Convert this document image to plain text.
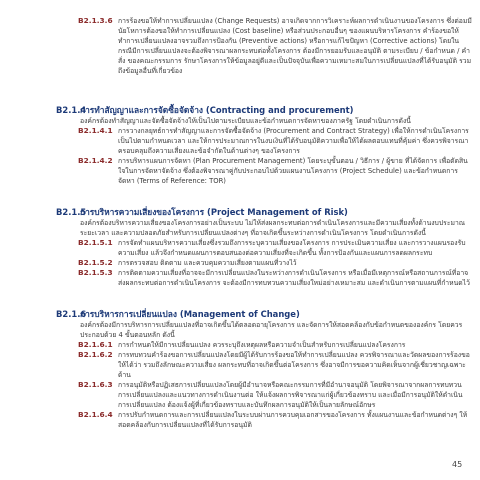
B2.1.3.6 การร้องขอให้ทำการเปลี่ยนแปลง (Change Requests) อาจเกิดจากการวิเคราะห์ผลการดำเนินงานของโครงการ ซึ่งต่อมมีนัยโหการต้องขอให้ทำการเปลี่ยนแปลง (Cost baseline) หรือส่วนประกอบอื่นๆ ของแผนบริหารโครงการ คำร้องขอให้ทำการเปลี่ยนแปลงอาจรวมถึงการป้องกัน (Preventive actions) หรือการแก้ไขปัญหา (Corrective actions) โดยในกรณีมีการเปลี่ยนแปลงจะต้องพิจารณาผลกระทบต่อทั้งโครงการ ต้องมีการยอมรับและอนุมัติ ตามระเบียบ / ข้อกำหนด / คำสั่ง ของคณะกรรมการ รักษาโครงการให้ข้อมูลอยู่ดีและเป็นปัจจุบันเพื่อความเหมาะสมในการเปลี่ยนแปลงที่ได้รับอนุมัติ รวมถึงข้อมูลอื่นที่เกี่ยวข้อง
B2.1.4
การทำสัญญาและการจัดซื้อจัดจ้าง (Contracting and procurement)
องค์กรต้องทำสัญญาและจัดซื้อจัดจ้างให้เป็นไปตามระเบียบและข้อกำหนดการจัดหาของภาครัฐ โดยดำเนินการดังนี้
B2.1.4.1 การวางกลยุทธ์การทำสัญญาและการจัดซื้อจัดจ้าง (Procurement and Contract Strategy) เพื่อให้การดำเนินโครงการเป็นไปตามกำหนดเวลา และให้การประมาณการในงบเงินที่ได้รับอนุมัติความเพื่อให้ได้ผลตอบแทนที่คุ้มค่า ซึ่งควรพิจารณาครอบคลุมถึงความเสี่ยงและข้อจำกัดในด้านต่างๆ ของโครงการ
B2.1.4.2 การบริหารแผนการจัดหา (Plan Procurement Management) โดยระบุขั้นตอน / วิธีการ / ผู้ขาย ที่ได้จัดการ เพื่อตัดสินใจในการจัดหาจัดจ้าง ซึ่งต้องพิจารณาคู่กับประกอบไปด้วยแผนงานโครงการ (Project Schedule) และข้อกำหนดการจัดหา (Terms of Reference: TOR)
B2.1.5
การบริหารความเสี่ยงของโครงการ (Project Management of Risk)
องค์กรต้องบริหารความเสี่ยงของโครงการอย่างเป็นระบบ ไม่ให้ส่งผลกระทบต่อการดำเนินโครงการและมีความเสี่ยงทั้งด้านงบประมาณ ระยะเวลา และความปลอดภัยสำหรับการเปลี่ยนแปลงต่างๆ ที่อาจเกิดขึ้นระหว่างการดำเนินโครงการ โดยดำเนินการดังนี้
B2.1.5.1 การจัดทำแผนบริหารความเสี่ยงซึ่งรวมถึงการระบุความเสี่ยงของโครงการ การประเมินความเสี่ยง และการวางแผนรองรับความเสี่ยง แล้วจึงกำหนดแผนการตอบสนองต่อความเสี่ยงที่จะเกิดขึ้น ทั้งการป้องกันและแผนการลดผลกระทบ
B2.1.5.2 การตรวจสอบ ติดตาม และควบคุมความเสี่ยงตามแผนที่วางไว้
B2.1.5.3 การติดตามความเสี่ยงที่อาจจะมีการเปลี่ยนแปลงในระหว่างการดำเนินโครงการ หรือเมื่อมีเหตุการณ์หรือสถานการณ์ที่อาจส่งผลกระทบต่อการดำเนินโครงการ จะต้องมีการทบทวนความเสี่ยงใหม่อย่างเหมาะสม และดำเนินการตามแผนที่กำหนดไว้
B2.1.6
การบริหารการเปลี่ยนแปลง (Management of Change)
องค์กรต้องมีการบริหารการเปลี่ยนแปลงที่อาจเกิดขึ้นได้ตลอดอายุโครงการ และจัดการให้สอดคล้องกับข้อกำหนดขององค์กร โดยควรประกอบด้วย 4 ขั้นตอนหลัก ดังนี้
B2.1.6.1 การกำหนดให้มีการเปลี่ยนแปลง ควรระบุถึงเหตุผลหรือความจำเป็นสำหรับการเปลี่ยนแปลงโครงการ
B2.1.6.2 การทบทวนคำร้องขอการเปลี่ยนแปลงโดยมีผู้ได้รับการร้องขอให้ทำการเปลี่ยนแปลง ควรพิจารณาและวัดผลของการร้องขอให้ได้ว่า รวมถึงลักษณะความเสี่ยง ผลกระทบที่อาจเกิดขึ้นต่อโครงการ ซึ่งอาจมีการขอความคิดเห็นจากผู้เชี่ยวชาญเฉพาะด้าน
B2.1.6.3 การอนุมัติหรือปฏิเสธการเปลี่ยนแปลงโดยผู้มีอำนาจหรือคณะกรรมการที่มีอำนาจอนุมัติ โดยพิจารณาจากผลการทบทวนการเปลี่ยนแปลงและแนวทางการดำเนินงานต่อ ให้แจ้งผลการพิจารณาแก่ผู้เกี่ยวข้องทราบ และเมื่อมีการอนุมัติให้ดำเนินการเปลี่ยนแปลง ต้องแจ้งผู้ที่เกี่ยวข้องทราบและบันทึกผลการอนุมัติให้เป็นลายลักษณ์อักษร
B2.1.6.4 การปรับกำหนดการและการเปลี่ยนแปลงในระบบผ่านการควบคุมเอกสารของโครงการ ทั้งแผนงานและข้อกำหนดต่างๆ ให้สอดคล้องกับการเปลี่ยนแปลงที่ได้รับการอนุมัติ
45
